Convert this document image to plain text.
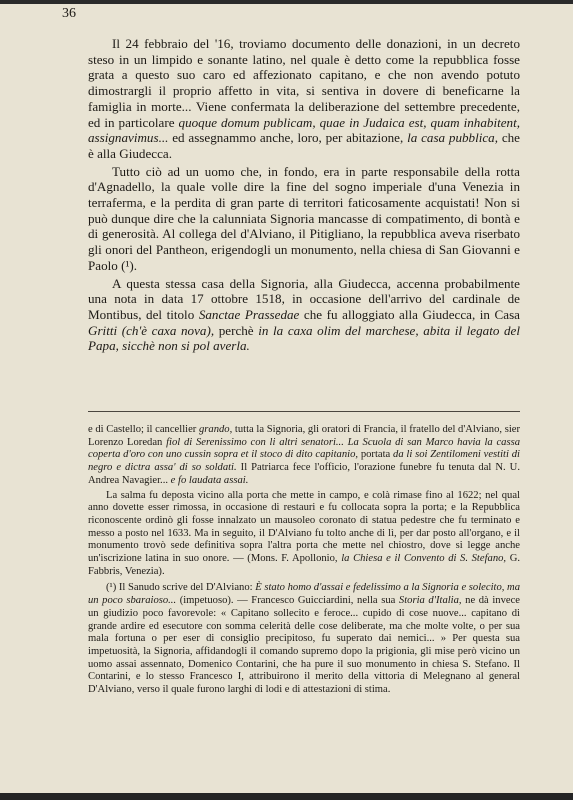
36

Il 24 febbraio del '16, troviamo documento delle donazioni, in un decreto steso in un limpido e sonante latino, nel quale è detto come la repubblica fosse grata a questo suo caro ed affezionato capitano, e che non avendo potuto dimostrargli il proprio affetto in vita, si sentiva in dovere di beneficarne la famiglia in morte... Viene confermata la deliberazione del settembre precedente, ed in particolare quoque domum publicam, quae in Judaica est, quam inhabitent, assignavimus... ed assegnammo anche, loro, per abitazione, la casa pubblica, che è alla Giudecca.

Tutto ciò ad un uomo che, in fondo, era in parte responsabile della rotta d'Agnadello, la quale volle dire la fine del sogno imperiale d'una Venezia in terraferma, e la perdita di gran parte di territori faticosamente acquistati! Non si può dunque dire che la calunniata Signoria mancasse di compatimento, di bontà e di generosità. Al collega del d'Alviano, il Pitigliano, la repubblica aveva riserbato gli onori del Pantheon, erigendogli un monumento, nella chiesa di San Giovanni e Paolo (¹).

A questa stessa casa della Signoria, alla Giudecca, accenna probabilmente una nota in data 17 ottobre 1518, in occasione dell'arrivo del cardinale de Montibus, del titolo Sanctae Prassedae che fu alloggiato alla Giudecca, in Casa Gritti (ch'è caxa nova), perchè in la caxa olim del marchese, abita il legato del Papa, sicchè non si pol averla.

e di Castello; il cancellier grando, tutta la Signoria, gli oratori di Francia, il fratello del d'Alviano, sier Lorenzo Loredan fiol di Serenissimo con li altri senatori... La Scuola di san Marco havia la cassa coperta d'oro con uno cussin sopra et il stoco di dito capitanio, portata da li soi Zentilomeni vestiti di negro e dictra assa' di so soldati. Il Patriarca fece l'officio, l'orazione funebre fu tenuta dal N. U. Andrea Navagier... e fo laudata assai.

La salma fu deposta vicino alla porta che mette in campo, e colà rimase fino al 1622; nel qual anno dovette esser rimossa, in occasione di restauri e fu collocata sopra la porta; e la Repubblica riconoscente ordinò gli fosse innalzato un mausoleo coronato di statua pedestre che fu terminato e messo a posto nel 1633. Ma in seguito, il D'Alviano fu tolto anche di lì, per dar posto all'organo, e il monumento trovò sede definitiva sopra l'altra porta che mette nel chiostro, dove si legge anche un'iscrizione latina in suo onore. — (Mons. F. Apollonio, la Chiesa e il Convento di S. Stefano, G. Fabbris, Venezia).

(¹) Il Sanudo scrive del D'Alviano: È stato homo d'assai e fedelissimo a la Signoria e solecito, ma un poco sbaraioso... (impetuoso). — Francesco Guicciardini, nella sua Storia d'Italia, ne dà invece un giudizio poco favorevole: « Capitano sollecito e feroce... cupido di cose nuove... capitano di grande ardire ed esecutore con somma celerità delle cose deliberate, ma che molte volte, o per sua mala fortuna o per eser di consiglio precipitoso, fu superato dai nemici... » Per questa sua impetuosità, la Signoria, affidandogli il comando supremo dopo la prigionia, gli mise però vicino un uomo assai assennato, Domenico Contarini, che ha pure il suo monumento in chiesa S. Stefano. Il Contarini, e lo stesso Francesco I, attribuirono il merito della vittoria di Melegnano al general D'Alviano, verso il quale furono larghi di lodi e di attestazioni di stima.
